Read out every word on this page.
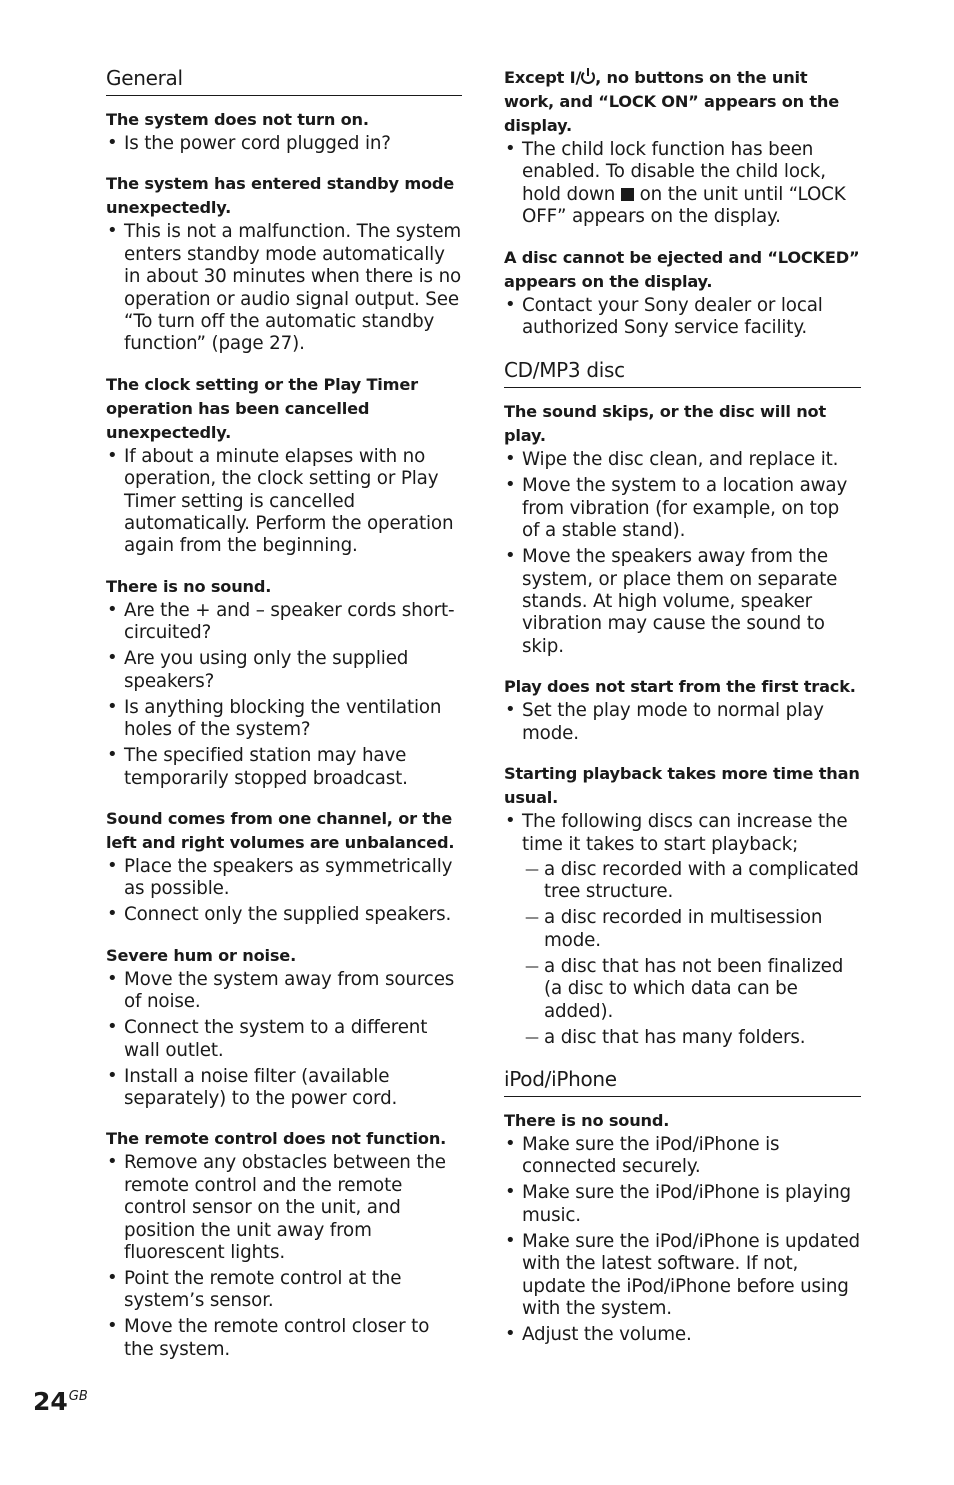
General

The system does not turn on.

• Is the power cord plugged in?

The system has entered standby mode unexpectedly.

• This is not a malfunction. The system enters standby mode automatically in about 30 minutes when there is no operation or audio signal output. See “To turn off the automatic standby function” (page 27).

The clock setting or the Play Timer operation has been cancelled unexpectedly.

• If about a minute elapses with no operation, the clock setting or Play Timer setting is cancelled automatically. Perform the operation again from the beginning.

There is no sound.

• Are the + and – speaker cords short-circuited?
• Are you using only the supplied speakers?
• Is anything blocking the ventilation holes of the system?
• The specified station may have temporarily stopped broadcast.

Sound comes from one channel, or the left and right volumes are unbalanced.

• Place the speakers as symmetrically as possible.
• Connect only the supplied speakers.

Severe hum or noise.

• Move the system away from sources of noise.
• Connect the system to a different wall outlet.
• Install a noise filter (available separately) to the power cord.

The remote control does not function.

• Remove any obstacles between the remote control and the remote control sensor on the unit, and position the unit away from fluorescent lights.
• Point the remote control at the system’s sensor.
• Move the remote control closer to the system.

Except I/ , no buttons on the unit work, and “LOCK ON” appears on the display.

• The child lock function has been enabled. To disable the child lock, hold down  on the unit until “LOCK OFF” appears on the display.

A disc cannot be ejected and “LOCKED” appears on the display.

• Contact your Sony dealer or local authorized Sony service facility.
CD/MP3 disc

The sound skips, or the disc will not play.

• Wipe the disc clean, and replace it.
• Move the system to a location away from vibration (for example, on top of a stable stand).
• Move the speakers away from the system, or place them on separate stands. At high volume, speaker vibration may cause the sound to skip.

Play does not start from the first track.

• Set the play mode to normal play mode.

Starting playback takes more time than usual.

• The following discs can increase the time it takes to start playback;
— a disc recorded with a complicated tree structure.
— a disc recorded in multisession mode.
— a disc that has not been finalized (a disc to which data can be added).
— a disc that has many folders.
iPod/iPhone

There is no sound.

• Make sure the iPod/iPhone is connected securely.
• Make sure the iPod/iPhone is playing music.
• Make sure the iPod/iPhone is updated with the latest software. If not, update the iPod/iPhone before using with the system.
• Adjust the volume.
$24^{GB}$
